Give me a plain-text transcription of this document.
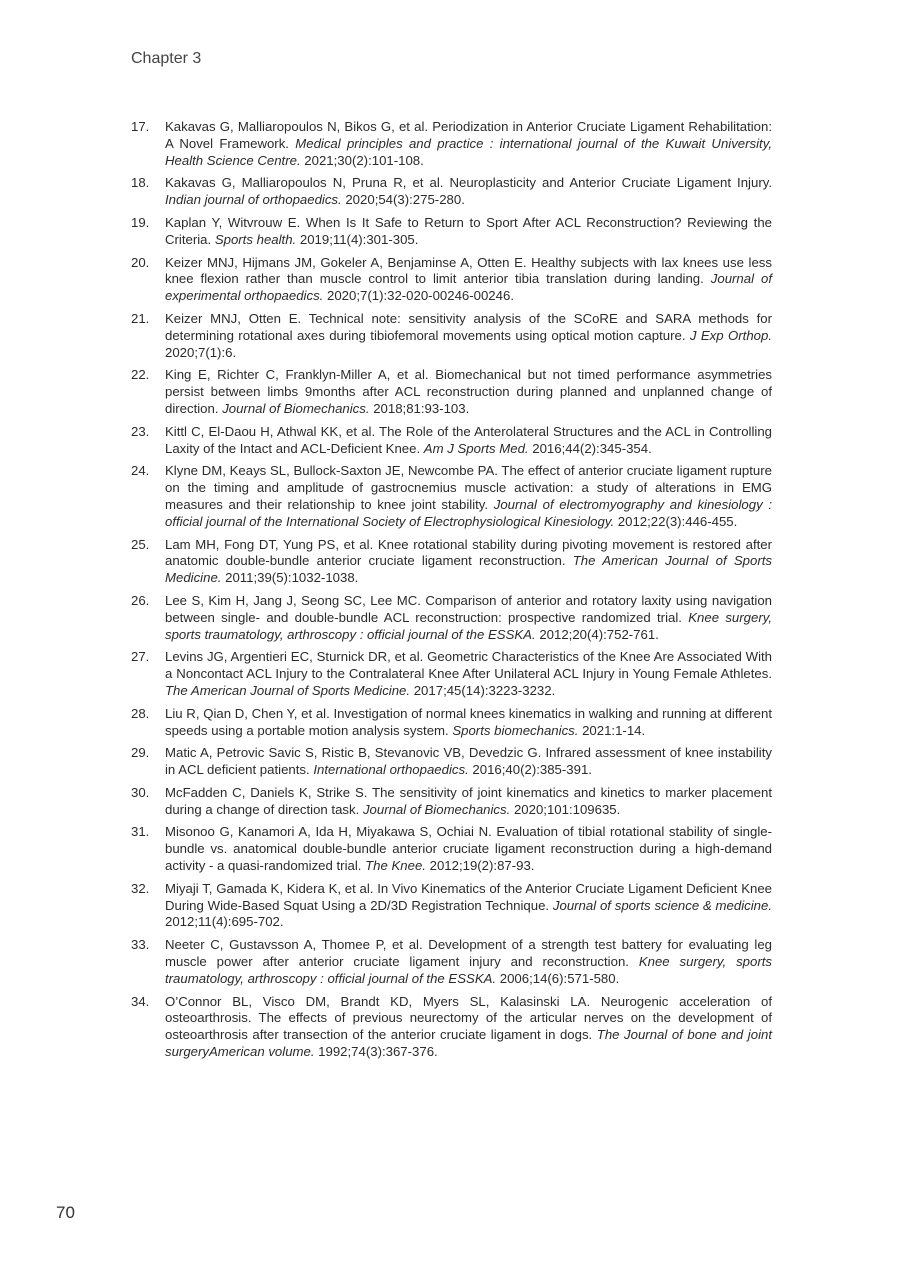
Chapter 3
17. Kakavas G, Malliaropoulos N, Bikos G, et al. Periodization in Anterior Cruciate Ligament Rehabilitation: A Novel Framework. Medical principles and practice : international journal of the Kuwait University, Health Science Centre. 2021;30(2):101-108.
18. Kakavas G, Malliaropoulos N, Pruna R, et al. Neuroplasticity and Anterior Cruciate Ligament Injury. Indian journal of orthopaedics. 2020;54(3):275-280.
19. Kaplan Y, Witvrouw E. When Is It Safe to Return to Sport After ACL Reconstruction? Reviewing the Criteria. Sports health. 2019;11(4):301-305.
20. Keizer MNJ, Hijmans JM, Gokeler A, Benjaminse A, Otten E. Healthy subjects with lax knees use less knee flexion rather than muscle control to limit anterior tibia translation during landing. Journal of experimental orthopaedics. 2020;7(1):32-020-00246-00246.
21. Keizer MNJ, Otten E. Technical note: sensitivity analysis of the SCoRE and SARA methods for determining rotational axes during tibiofemoral movements using optical motion capture. J Exp Orthop. 2020;7(1):6.
22. King E, Richter C, Franklyn-Miller A, et al. Biomechanical but not timed performance asymmetries persist between limbs 9months after ACL reconstruction during planned and unplanned change of direction. Journal of Biomechanics. 2018;81:93-103.
23. Kittl C, El-Daou H, Athwal KK, et al. The Role of the Anterolateral Structures and the ACL in Controlling Laxity of the Intact and ACL-Deficient Knee. Am J Sports Med. 2016;44(2):345-354.
24. Klyne DM, Keays SL, Bullock-Saxton JE, Newcombe PA. The effect of anterior cruciate ligament rupture on the timing and amplitude of gastrocnemius muscle activation: a study of alterations in EMG measures and their relationship to knee joint stability. Journal of electromyography and kinesiology : official journal of the International Society of Electrophysiological Kinesiology. 2012;22(3):446-455.
25. Lam MH, Fong DT, Yung PS, et al. Knee rotational stability during pivoting movement is restored after anatomic double-bundle anterior cruciate ligament reconstruction. The American Journal of Sports Medicine. 2011;39(5):1032-1038.
26. Lee S, Kim H, Jang J, Seong SC, Lee MC. Comparison of anterior and rotatory laxity using navigation between single- and double-bundle ACL reconstruction: prospective randomized trial. Knee surgery, sports traumatology, arthroscopy : official journal of the ESSKA. 2012;20(4):752-761.
27. Levins JG, Argentieri EC, Sturnick DR, et al. Geometric Characteristics of the Knee Are Associated With a Noncontact ACL Injury to the Contralateral Knee After Unilateral ACL Injury in Young Female Athletes. The American Journal of Sports Medicine. 2017;45(14):3223-3232.
28. Liu R, Qian D, Chen Y, et al. Investigation of normal knees kinematics in walking and running at different speeds using a portable motion analysis system. Sports biomechanics. 2021:1-14.
29. Matic A, Petrovic Savic S, Ristic B, Stevanovic VB, Devedzic G. Infrared assessment of knee instability in ACL deficient patients. International orthopaedics. 2016;40(2):385-391.
30. McFadden C, Daniels K, Strike S. The sensitivity of joint kinematics and kinetics to marker placement during a change of direction task. Journal of Biomechanics. 2020;101:109635.
31. Misonoo G, Kanamori A, Ida H, Miyakawa S, Ochiai N. Evaluation of tibial rotational stability of single-bundle vs. anatomical double-bundle anterior cruciate ligament reconstruction during a high-demand activity - a quasi-randomized trial. The Knee. 2012;19(2):87-93.
32. Miyaji T, Gamada K, Kidera K, et al. In Vivo Kinematics of the Anterior Cruciate Ligament Deficient Knee During Wide-Based Squat Using a 2D/3D Registration Technique. Journal of sports science & medicine. 2012;11(4):695-702.
33. Neeter C, Gustavsson A, Thomee P, et al. Development of a strength test battery for evaluating leg muscle power after anterior cruciate ligament injury and reconstruction. Knee surgery, sports traumatology, arthroscopy : official journal of the ESSKA. 2006;14(6):571-580.
34. O’Connor BL, Visco DM, Brandt KD, Myers SL, Kalasinski LA. Neurogenic acceleration of osteoarthrosis. The effects of previous neurectomy of the articular nerves on the development of osteoarthrosis after transection of the anterior cruciate ligament in dogs. The Journal of bone and joint surgeryAmerican volume. 1992;74(3):367-376.
70
